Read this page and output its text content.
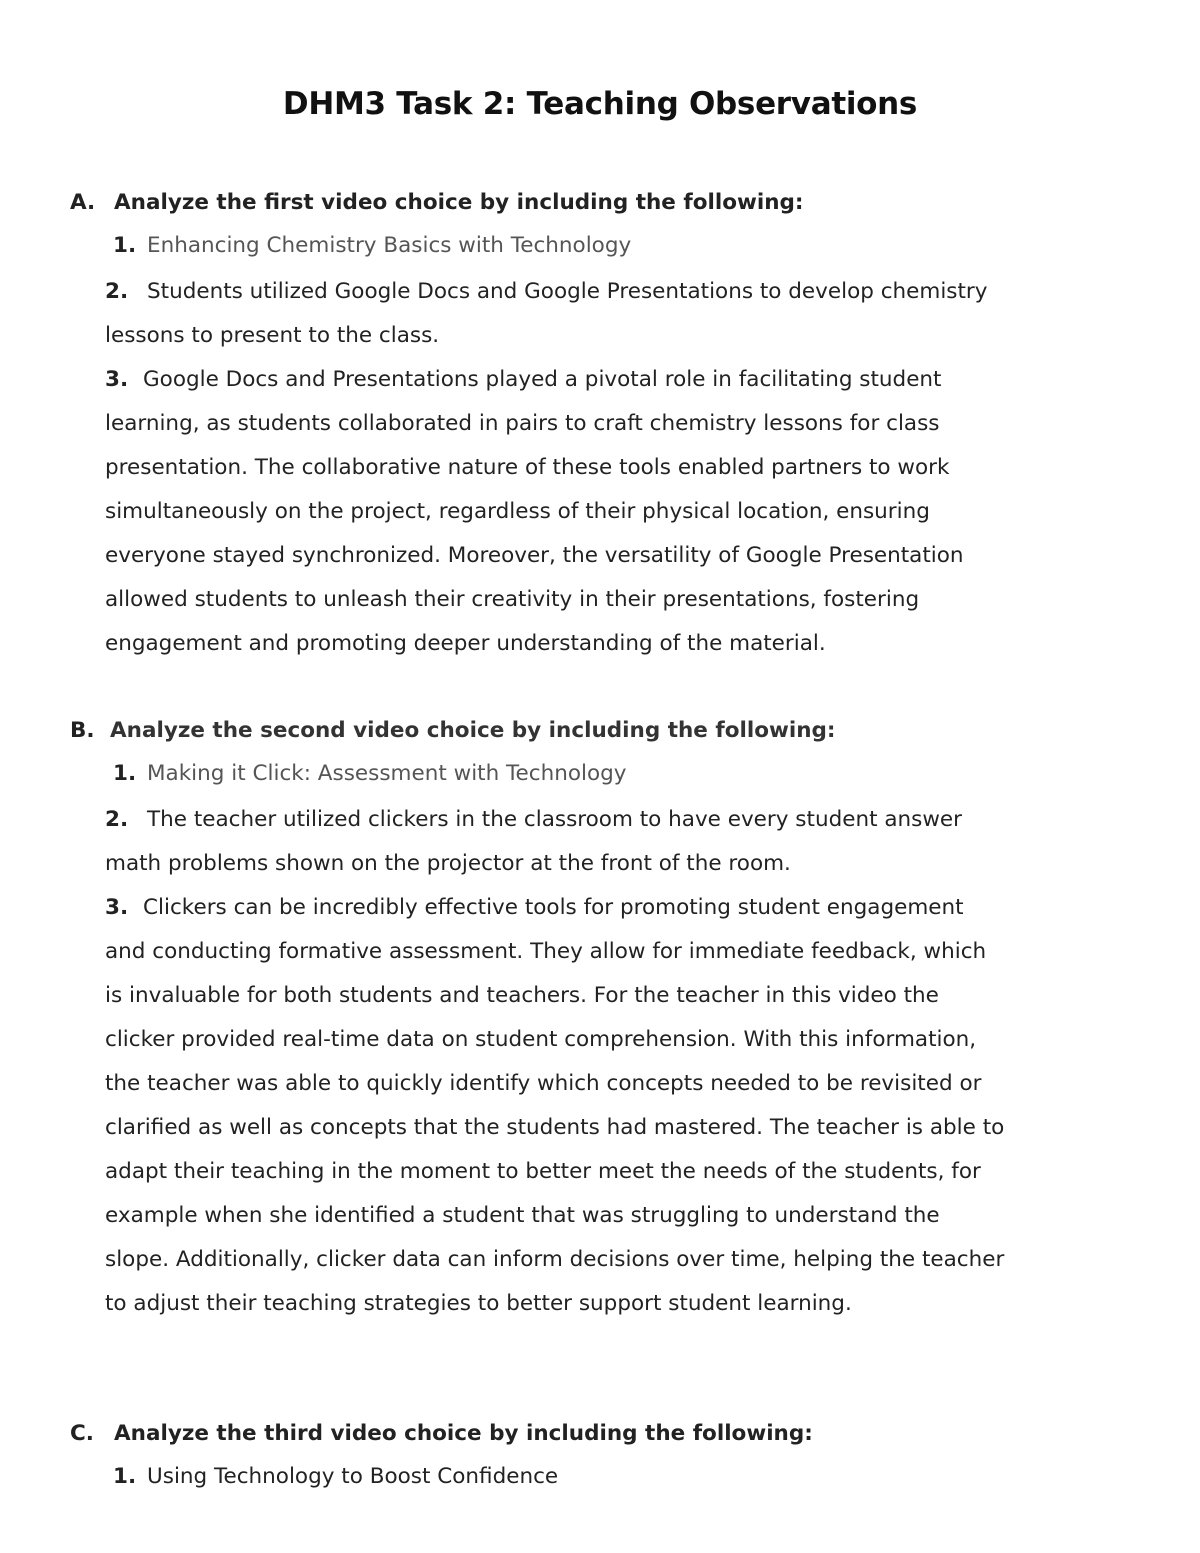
DHM3 Task 2: Teaching Observations
A. Analyze the first video choice by including the following:
1. Enhancing Chemistry Basics with Technology
2. Students utilized Google Docs and Google Presentations to develop chemistry
lessons to present to the class.
3. Google Docs and Presentations played a pivotal role in facilitating student
learning, as students collaborated in pairs to craft chemistry lessons for class
presentation. The collaborative nature of these tools enabled partners to work
simultaneously on the project, regardless of their physical location, ensuring
everyone stayed synchronized. Moreover, the versatility of Google Presentation
allowed students to unleash their creativity in their presentations, fostering
engagement and promoting deeper understanding of the material.
B. Analyze the second video choice by including the following:
1. Making it Click: Assessment with Technology
2. The teacher utilized clickers in the classroom to have every student answer
math problems shown on the projector at the front of the room.
3. Clickers can be incredibly effective tools for promoting student engagement
and conducting formative assessment. They allow for immediate feedback, which
is invaluable for both students and teachers. For the teacher in this video the
clicker provided real-time data on student comprehension. With this information,
the teacher was able to quickly identify which concepts needed to be revisited or
clarified as well as concepts that the students had mastered. The teacher is able to
adapt their teaching in the moment to better meet the needs of the students, for
example when she identified a student that was struggling to understand the
slope. Additionally, clicker data can inform decisions over time, helping the teacher
to adjust their teaching strategies to better support student learning.
C. Analyze the third video choice by including the following:
1. Using Technology to Boost Confidence
